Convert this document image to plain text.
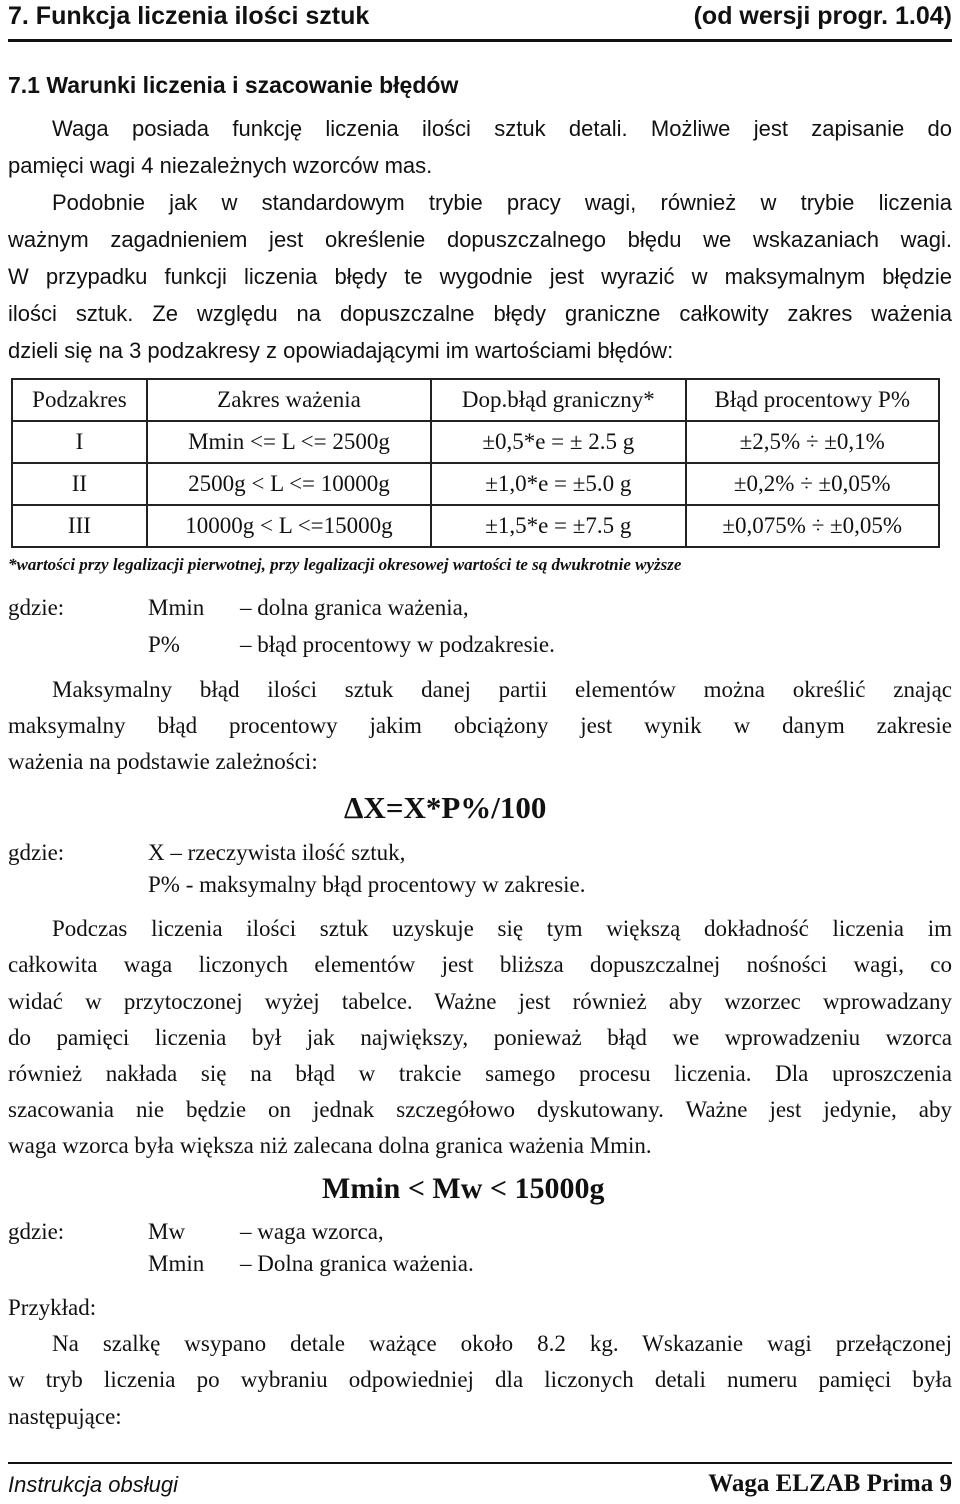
7. Funkcja liczenia ilości sztuk	(od wersji progr. 1.04)
7.1 Warunki liczenia i szacowanie błędów
Waga posiada funkcję liczenia ilości sztuk detali. Możliwe jest zapisanie do
pamięci wagi 4 niezależnych wzorców mas.
Podobnie jak w standardowym trybie pracy wagi, również w trybie liczenia
ważnym zagadnieniem jest określenie dopuszczalnego błędu we wskazaniach wagi.
W przypadku funkcji liczenia błędy te wygodnie jest wyrazić w maksymalnym błędzie
ilości sztuk. Ze względu na dopuszczalne błędy graniczne całkowity zakres ważenia
dzieli się na 3 podzakresy z opowiadającymi im wartościami błędów:
Podzakres	Zakres ważenia	Dop.błąd graniczny*	Błąd procentowy P%
I	Mmin <= L <= 2500g	±0,5*e = ± 2.5 g	±2,5% ÷ ±0,1%
II	2500g < L <= 10000g	±1,0*e = ±5.0 g	±0,2% ÷ ±0,05%
III	10000g < L <=15000g	±1,5*e = ±7.5 g	±0,075% ÷ ±0,05%
*wartości przy legalizacji pierwotnej, przy legalizacji okresowej wartości te są dwukrotnie wyższe
gdzie:	Mmin – dolna granica ważenia,
P%	– błąd procentowy w podzakresie.
Maksymalny błąd ilości sztuk danej partii elementów można określić znając
maksymalny błąd procentowy jakim obciążony jest wynik w danym zakresie
ważenia na podstawie zależności:
ΔX=X*P%/100
gdzie:	X – rzeczywista ilość sztuk,
P% - maksymalny błąd procentowy w zakresie.
Podczas liczenia ilości sztuk uzyskuje się tym większą dokładność liczenia im
całkowita waga liczonych elementów jest bliższa dopuszczalnej nośności wagi, co
widać w przytoczonej wyżej tabelce. Ważne jest również aby wzorzec wprowadzany
do pamięci liczenia był jak największy, ponieważ błąd we wprowadzeniu wzorca
również nakłada się na błąd w trakcie samego procesu liczenia. Dla uproszczenia
szacowania nie będzie on jednak szczegółowo dyskutowany. Ważne jest jedynie, aby
waga wzorca była większa niż zalecana dolna granica ważenia Mmin.
Mmin < Mw < 15000g
gdzie:	Mw – waga wzorca,
Mmin – Dolna granica ważenia.
Przykład:
Na szalkę wsypano detale ważące około 8.2 kg. Wskazanie wagi przełączonej
w tryb liczenia po wybraniu odpowiedniej dla liczonych detali numeru pamięci była
następujące:
Instrukcja obsługi	Waga ELZAB Prima 9
